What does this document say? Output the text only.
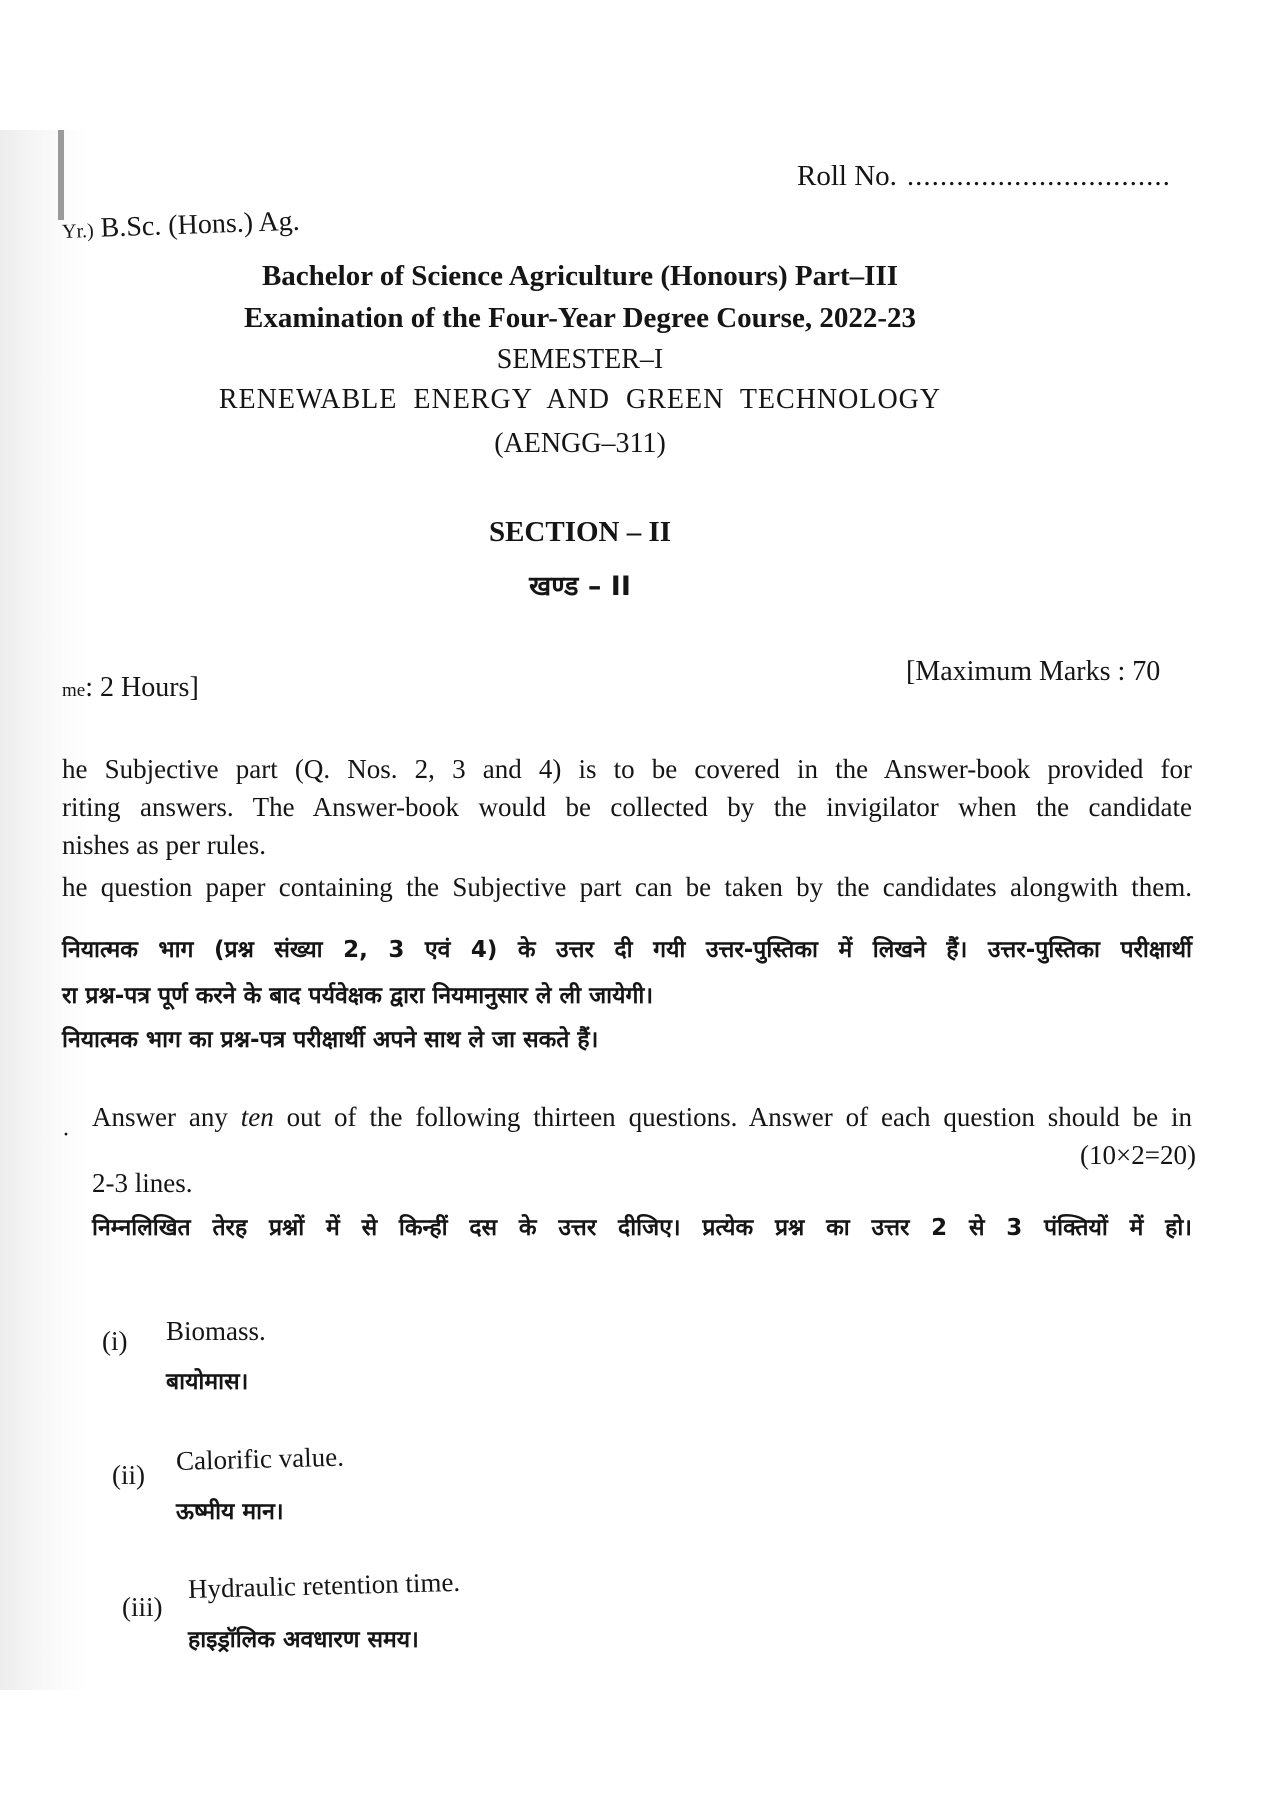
Roll No. ................................
Yr.) B.Sc. (Hons.) Ag.
Bachelor of Science Agriculture (Honours) Part–III
Examination of the Four-Year Degree Course, 2022-23
SEMESTER–I
RENEWABLE ENERGY AND GREEN TECHNOLOGY
(AENGG–311)
SECTION – II
खण्ड – II
me: 2 Hours]
[Maximum Marks : 70
he Subjective part (Q. Nos. 2, 3 and 4) is to be covered in the Answer-book provided for
riting answers. The Answer-book would be collected by the invigilator when the candidate
nishes as per rules.
he question paper containing the Subjective part can be taken by the candidates alongwith them.
नियात्मक भाग (प्रश्न संख्या 2, 3 एवं 4) के उत्तर दी गयी उत्तर-पुस्तिका में लिखने हैं। उत्तर-पुस्तिका परीक्षार्थी
रा प्रश्न-पत्र पूर्ण करने के बाद पर्यवेक्षक द्वारा नियमानुसार ले ली जायेगी।
नियात्मक भाग का प्रश्न-पत्र परीक्षार्थी अपने साथ ले जा सकते हैं।
·
Answer any ten out of the following thirteen questions. Answer of each question should be in
(10×2=20)
2-3 lines.
निम्नलिखित तेरह प्रश्नों में से किन्हीं दस के उत्तर दीजिए। प्रत्येक प्रश्न का उत्तर 2 से 3 पंक्तियों में हो।
(i) Biomass.
बायोमास।
(ii) Calorific value.
ऊष्मीय मान।
(iii)
Hydraulic retention time.
हाइड्रॉलिक अवधारण समय।
